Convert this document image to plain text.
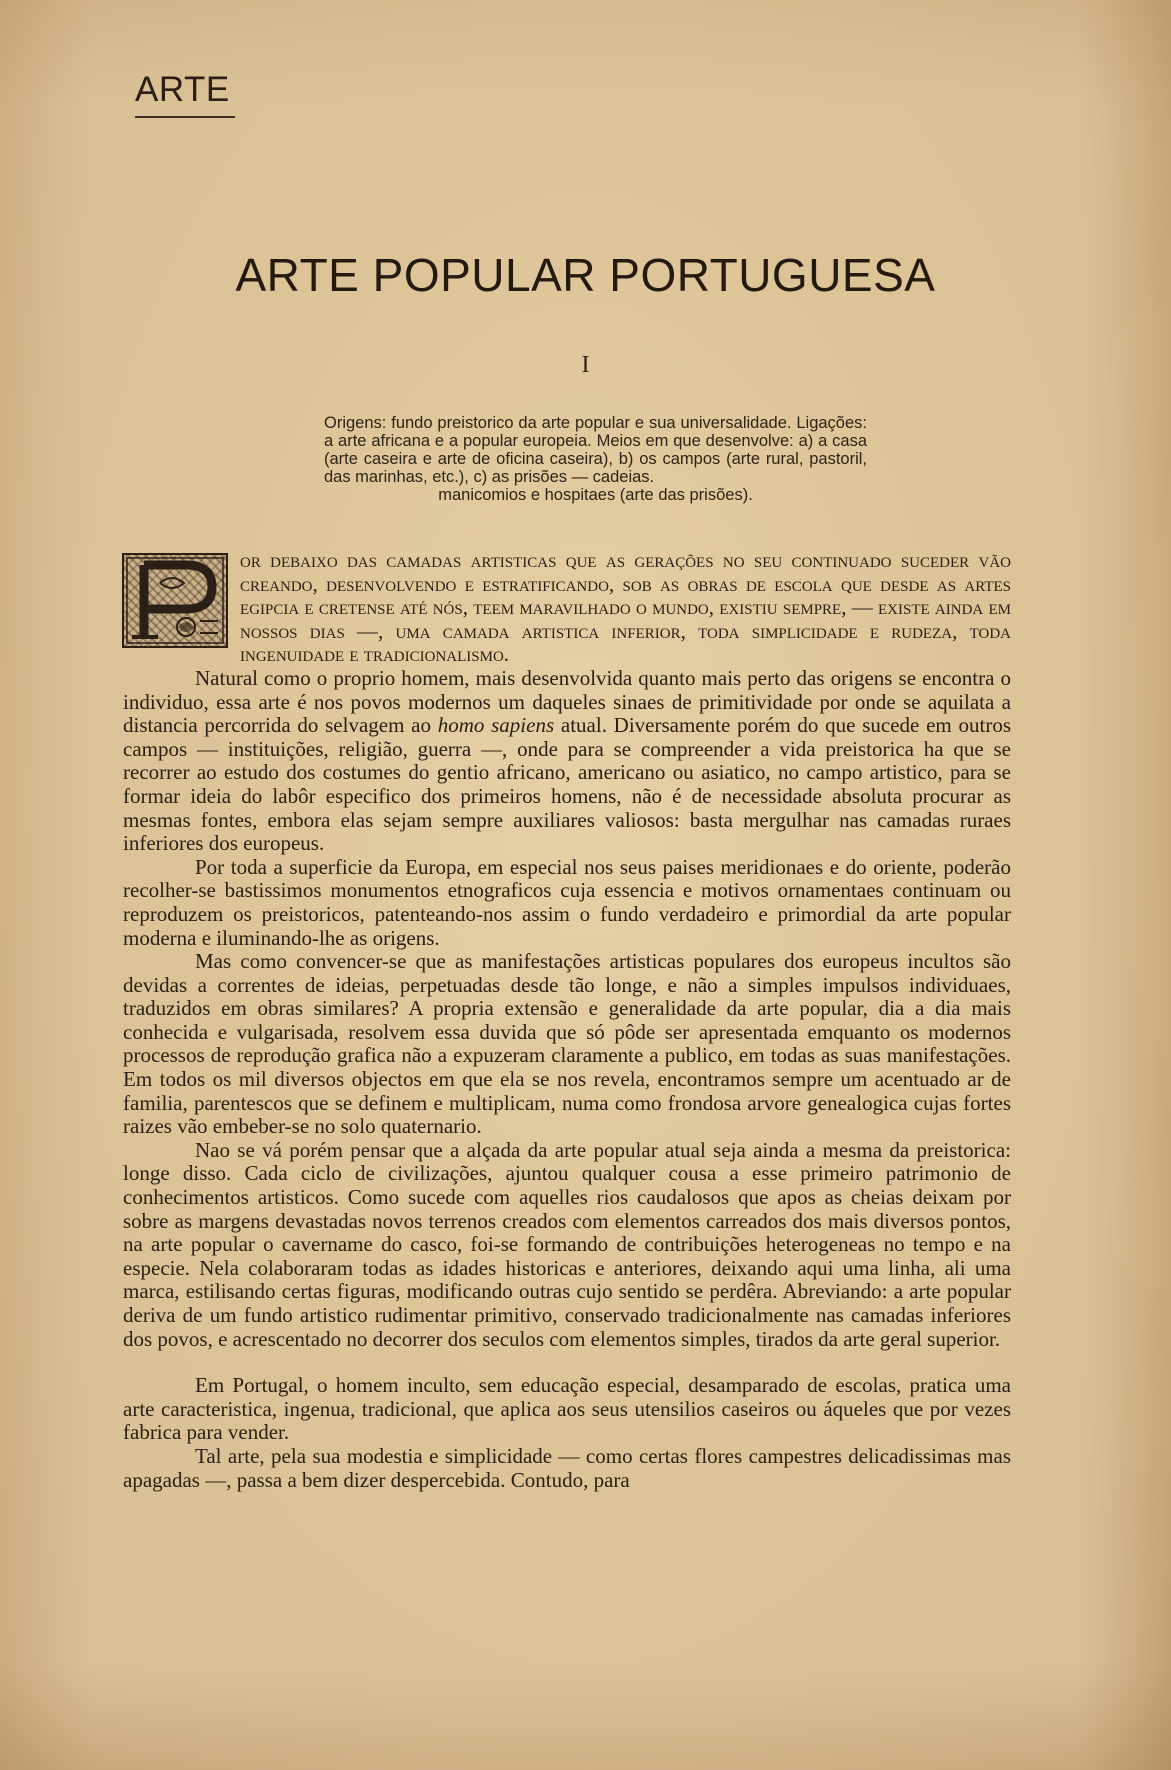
ARTE
ARTE POPULAR PORTUGUESA
I
Origens: fundo preistorico da arte popular e sua universalidade. Ligações: a arte africana e a popular europeia. Meios em que desenvolve: a) a casa (arte caseira e arte de oficina caseira), b) os campos (arte rural, pastoril, das marinhas, etc.), c) as prisões — cadeias.
manicomios e hospitaes (arte das prisões).

or debaixo das camadas artisticas que as gerações no seu continuado suceder vão creando, desenvolvendo e estratificando, sob as obras de escola que desde as artes egipcia e cretense até nós, teem maravilhado o mundo, existiu sempre, — existe ainda em nossos dias —, uma camada artistica inferior, toda simplicidade e rudeza, toda ingenuidade e tradicionalismo.

Natural como o proprio homem, mais desenvolvida quanto mais perto das origens se encontra o individuo, essa arte é nos povos modernos um daqueles sinaes de primitividade por onde se aquilata a distancia percorrida do selvagem ao homo sapiens atual. Diversamente porém do que sucede em outros campos — instituições, religião, guerra —, onde para se compreender a vida preistorica ha que se recorrer ao estudo dos costumes do gentio africano, americano ou asiatico, no campo artistico, para se formar ideia do labôr especifico dos primeiros homens, não é de necessidade absoluta procurar as mesmas fontes, embora elas sejam sempre auxiliares valiosos: basta mergulhar nas camadas ruraes inferiores dos europeus.

Por toda a superficie da Europa, em especial nos seus paises meridionaes e do oriente, poderão recolher-se bastissimos monumentos etnograficos cuja essencia e motivos ornamentaes continuam ou reproduzem os preistoricos, patenteando-nos assim o fundo verdadeiro e primordial da arte popular moderna e iluminando-lhe as origens.

Mas como convencer-se que as manifestações artisticas populares dos europeus incultos são devidas a correntes de ideias, perpetuadas desde tão longe, e não a simples impulsos individuaes, traduzidos em obras similares? A propria extensão e generalidade da arte popular, dia a dia mais conhecida e vulgarisada, resolvem essa duvida que só pôde ser apresentada emquanto os modernos processos de reprodução grafica não a expuzeram claramente a publico, em todas as suas manifestações. Em todos os mil diversos objectos em que ela se nos revela, encontramos sempre um acentuado ar de familia, parentescos que se definem e multiplicam, numa como frondosa arvore genealogica cujas fortes raizes vão embeber-se no solo quaternario.

Nao se vá porém pensar que a alçada da arte popular atual seja ainda a mesma da preistorica: longe disso. Cada ciclo de civilizações, ajuntou qualquer cousa a esse primeiro patrimonio de conhecimentos artisticos. Como sucede com aquelles rios caudalosos que apos as cheias deixam por sobre as margens devastadas novos terrenos creados com elementos carreados dos mais diversos pontos, na arte popular o cavername do casco, foi-se formando de contribuições heterogeneas no tempo e na especie. Nela colaboraram todas as idades historicas e anteriores, deixando aqui uma linha, ali uma marca, estilisando certas figuras, modificando outras cujo sentido se perdêra. Abreviando: a arte popular deriva de um fundo artistico rudimentar primitivo, conservado tradicionalmente nas camadas inferiores dos povos, e acrescentado no decorrer dos seculos com elementos simples, tirados da arte geral superior.

Em Portugal, o homem inculto, sem educação especial, desamparado de escolas, pratica uma arte caracteristica, ingenua, tradicional, que aplica aos seus utensilios caseiros ou áqueles que por vezes fabrica para vender.

Tal arte, pela sua modestia e simplicidade — como certas flores campestres delicadissimas mas apagadas —, passa a bem dizer despercebida. Contudo, para
